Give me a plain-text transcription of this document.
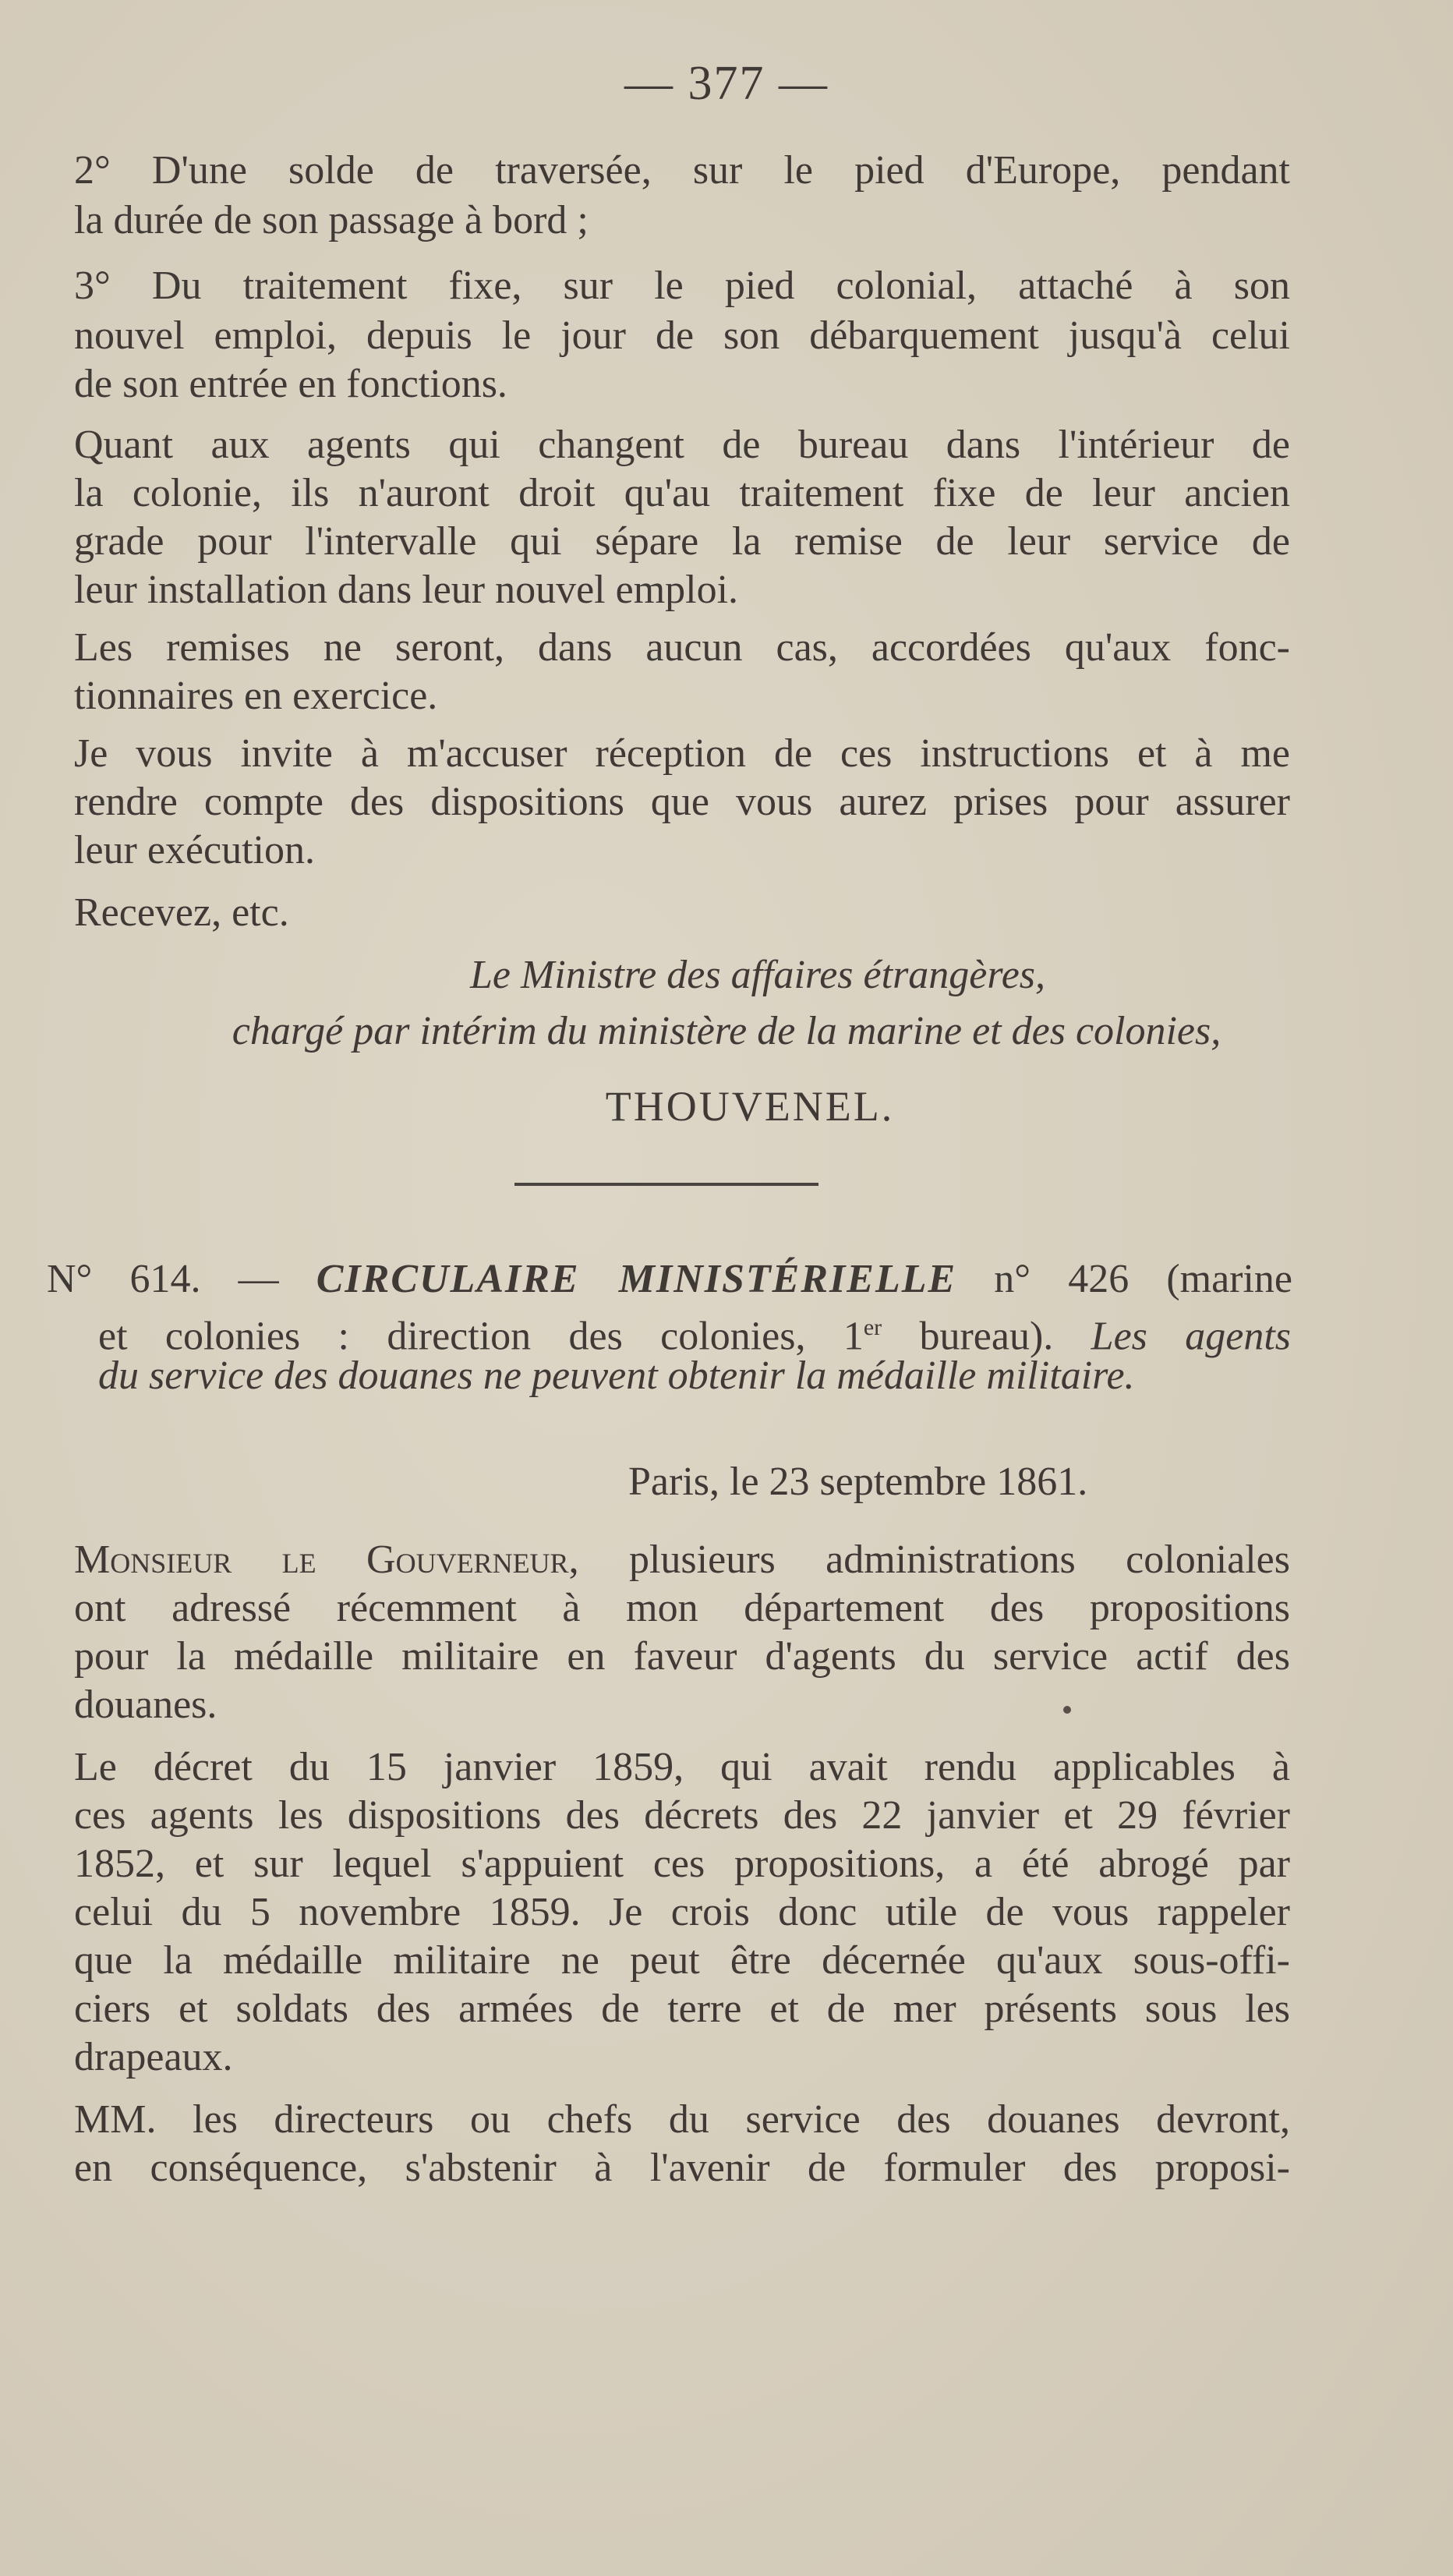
— 377 —
2° D'une solde de traversée, sur le pied d'Europe, pendant
la durée de son passage à bord ;
3° Du traitement fixe, sur le pied colonial, attaché à son
nouvel emploi, depuis le jour de son débarquement jusqu'à celui
de son entrée en fonctions.
Quant aux agents qui changent de bureau dans l'intérieur de
la colonie, ils n'auront droit qu'au traitement fixe de leur ancien
grade pour l'intervalle qui sépare la remise de leur service de
leur installation dans leur nouvel emploi.
Les remises ne seront, dans aucun cas, accordées qu'aux fonc-
tionnaires en exercice.
Je vous invite à m'accuser réception de ces instructions et à me
rendre compte des dispositions que vous aurez prises pour assurer
leur exécution.
Recevez, etc.
Le Ministre des affaires étrangères,
chargé par intérim du ministère de la marine et des colonies,
THOUVENEL.
N° 614. — CIRCULAIRE MINISTÉRIELLE n° 426 (marine
et colonies : direction des colonies, 1er bureau). Les agents
du service des douanes ne peuvent obtenir la médaille militaire.
Paris, le 23 septembre 1861.
Monsieur le Gouverneur, plusieurs administrations coloniales
ont adressé récemment à mon département des propositions
pour la médaille militaire en faveur d'agents du service actif des
douanes.
Le décret du 15 janvier 1859, qui avait rendu applicables à
ces agents les dispositions des décrets des 22 janvier et 29 février
1852, et sur lequel s'appuient ces propositions, a été abrogé par
celui du 5 novembre 1859. Je crois donc utile de vous rappeler
que la médaille militaire ne peut être décernée qu'aux sous-offi-
ciers et soldats des armées de terre et de mer présents sous les
drapeaux.
MM. les directeurs ou chefs du service des douanes devront,
en conséquence, s'abstenir à l'avenir de formuler des proposi-
